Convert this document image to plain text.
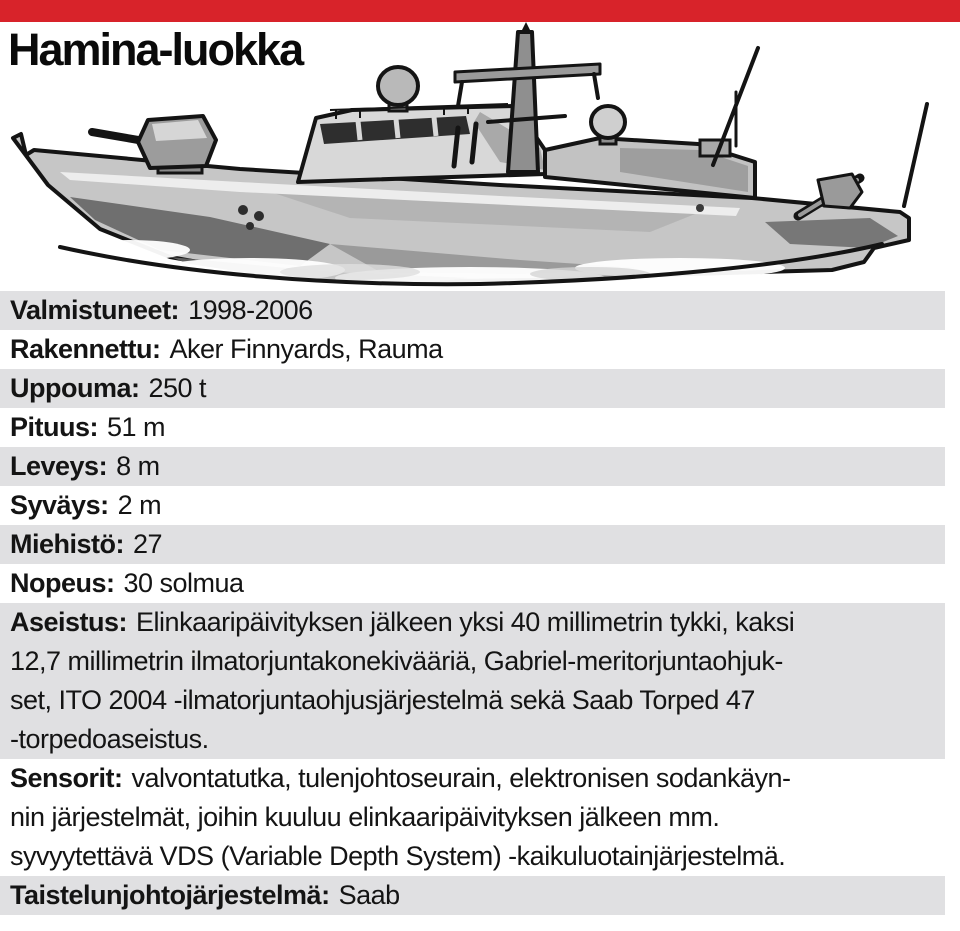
Hamina-luokka
Valmistuneet: 1998-2006
Rakennettu: Aker Finnyards, Rauma
Uppouma: 250 t
Pituus: 51 m
Leveys: 8 m
Syväys: 2 m
Miehistö: 27
Nopeus: 30 solmua
Aseistus: Elinkaaripäivityksen jälkeen yksi 40 millimetrin tykki, kaksi
12,7 millimetrin ilmatorjuntakonekivääriä, Gabriel-meritorjuntaohjuk-
set, ITO 2004 -ilmatorjuntaohjusjärjestelmä sekä Saab Torped 47
-torpedoaseistus.
Sensorit: valvontatutka, tulenjohtoseurain, elektronisen sodankäyn-
nin järjestelmät, joihin kuuluu elinkaaripäivityksen jälkeen mm.
syvyytettävä VDS (Variable Depth System) -kaikuluotainjärjestelmä.
Taistelunjohtojärjestelmä: Saab
